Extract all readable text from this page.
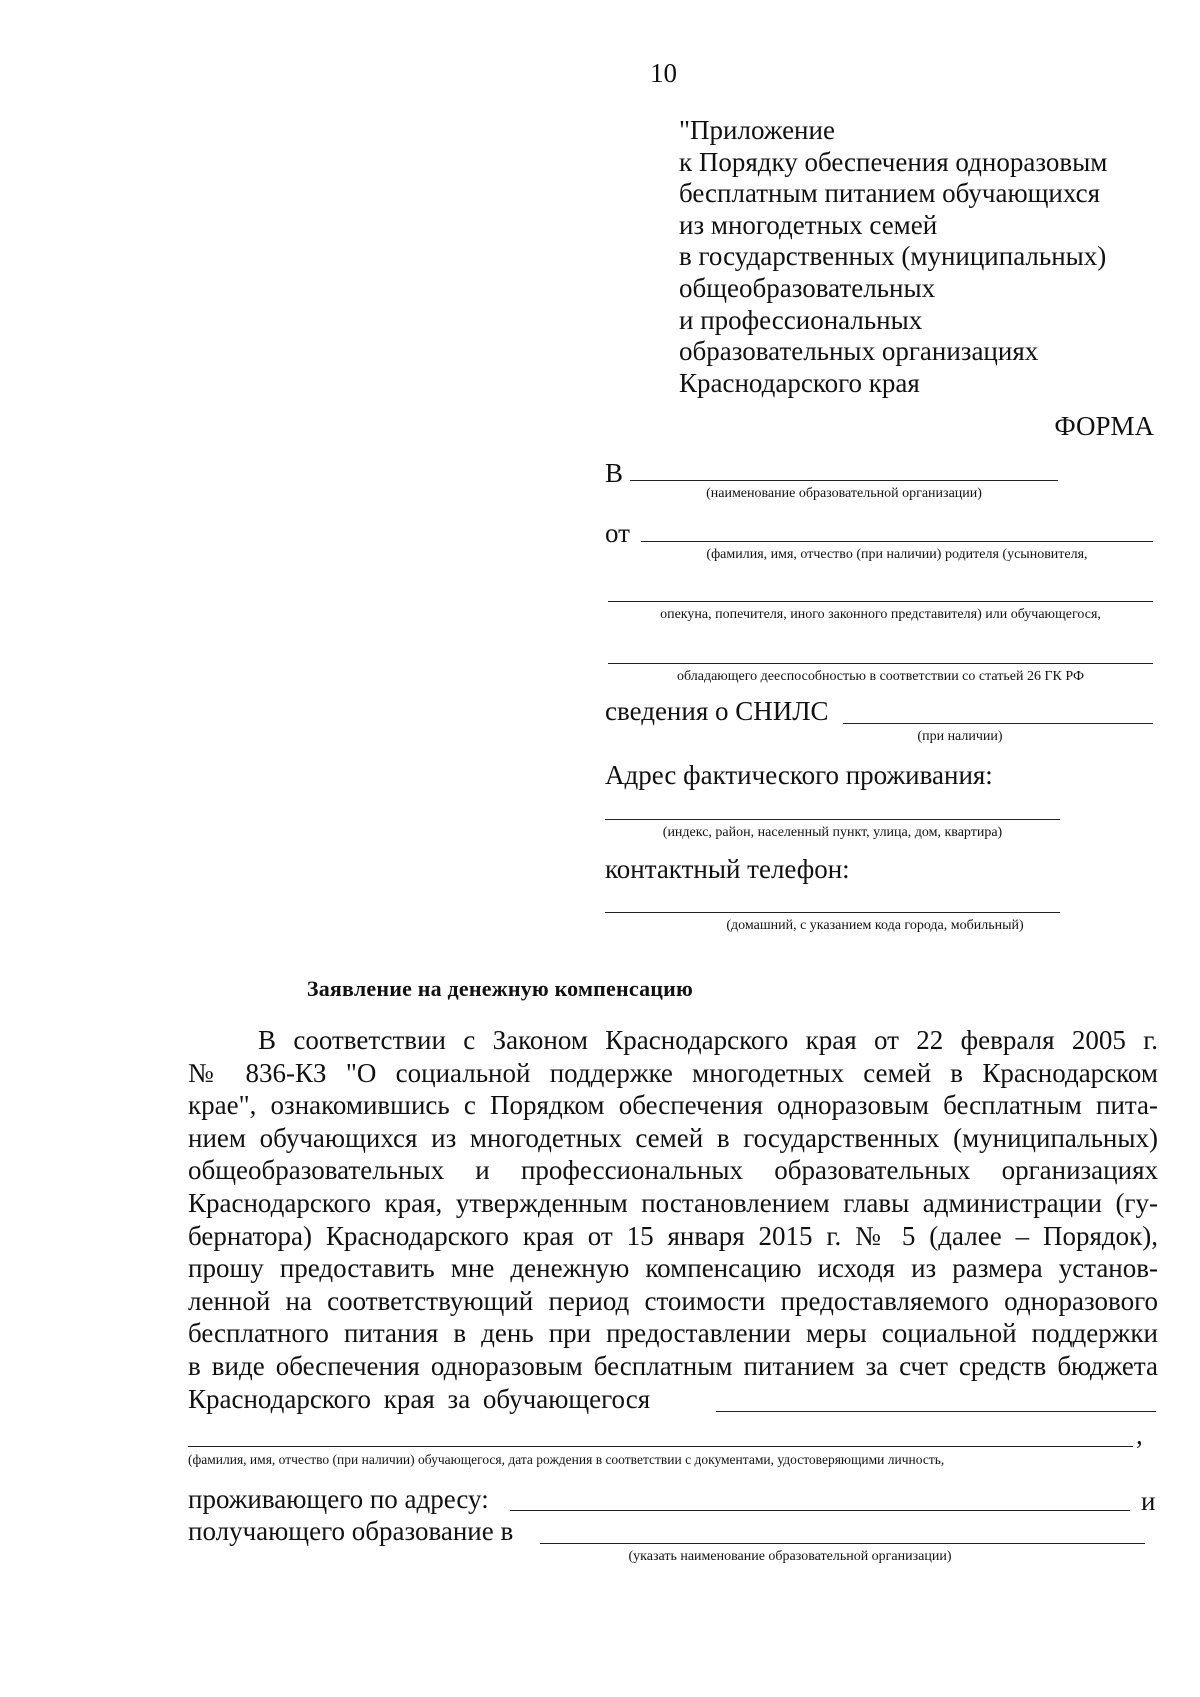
10
"Приложение
к Порядку обеспечения одноразовым
бесплатным питанием обучающихся
из многодетных семей
в государственных (муниципальных)
общеобразовательных
и профессиональных
образовательных организациях
Краснодарского края
ФОРМА
В
(наименование образовательной организации)
от
(фамилия, имя, отчество (при наличии) родителя (усыновителя,
опекуна, попечителя, иного законного представителя) или обучающегося,
обладающего дееспособностью в соответствии со статьей 26 ГК РФ
сведения о СНИЛС
(при наличии)
Адрес фактического проживания:
(индекс, район, населенный пункт, улица, дом, квартира)
контактный телефон:
(домашний, с указанием кода города, мобильный)
Заявление на денежную компенсацию
В соответствии с Законом Краснодарского края от 22 февраля 2005 г.
№ 836-КЗ "О социальной поддержке многодетных семей в Краснодарском
крае", ознакомившись с Порядком обеспечения одноразовым бесплатным пита-
нием обучающихся из многодетных семей в государственных (муниципальных)
общеобразовательных и профессиональных образовательных организациях
Краснодарского края, утвержденным постановлением главы администрации (гу-
бернатора) Краснодарского края от 15 января 2015 г. № 5 (далее – Порядок),
прошу предоставить мне денежную компенсацию исходя из размера установ-
ленной на соответствующий период стоимости предоставляемого одноразового
бесплатного питания в день при предоставлении меры социальной поддержки
в виде обеспечения одноразовым бесплатным питанием за счет средств бюджета
Краснодарского края за обучающегося
,
(фамилия, имя, отчество (при наличии) обучающегося, дата рождения в соответствии с документами, удостоверяющими личность,
проживающего по адресу:	и
получающего образование в
(указать наименование образовательной организации)
